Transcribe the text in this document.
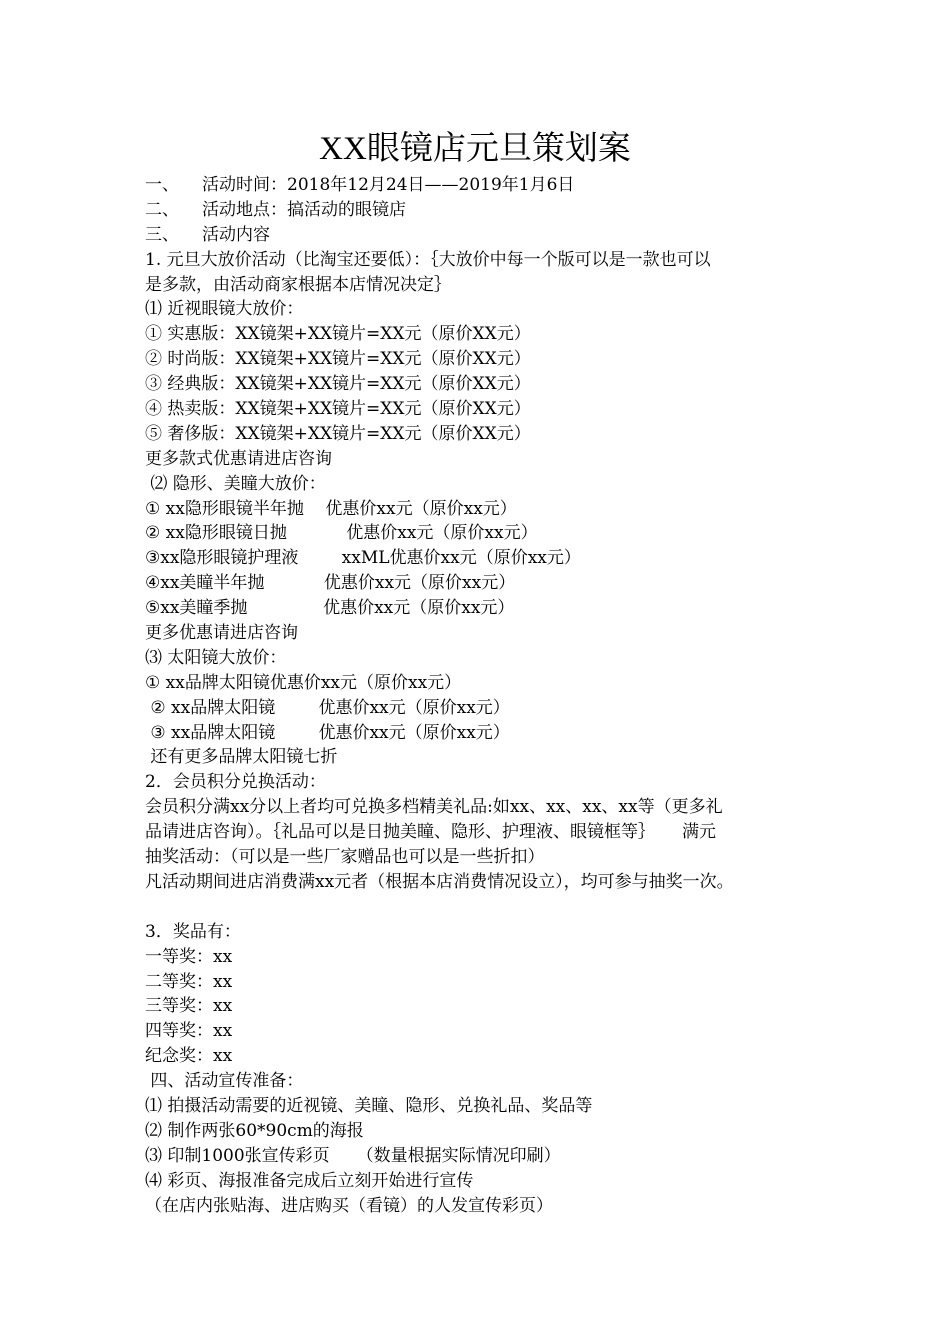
XX眼镜店元旦策划案
一、 活动时间：2018年12月24日——2019年1月6日
二、 活动地点：搞活动的眼镜店
三、 活动内容
1. 元旦大放价活动（比淘宝还要低）：｛大放价中每一个版可以是一款也可以
是多款，由活动商家根据本店情况决定｝
⑴ 近视眼镜大放价：
① 实惠版：XX镜架+XX镜片=XX元（原价XX元）
② 时尚版：XX镜架+XX镜片=XX元（原价XX元）
③ 经典版：XX镜架+XX镜片=XX元（原价XX元）
④ 热卖版：XX镜架+XX镜片=XX元（原价XX元）
⑤ 奢侈版：XX镜架+XX镜片=XX元（原价XX元）
更多款式优惠请进店咨询
⑵ 隐形、美瞳大放价：
① xx隐形眼镜半年抛    优惠价xx元（原价xx元）
② xx隐形眼镜日抛           优惠价xx元（原价xx元）
③xx隐形眼镜护理液        xxML优惠价xx元（原价xx元）
④xx美瞳半年抛           优惠价xx元（原价xx元）
⑤xx美瞳季抛              优惠价xx元（原价xx元）
更多优惠请进店咨询
⑶ 太阳镜大放价：
① xx品牌太阳镜优惠价xx元（原价xx元）
② xx品牌太阳镜        优惠价xx元（原价xx元）
③ xx品牌太阳镜        优惠价xx元（原价xx元）
还有更多品牌太阳镜七折
2．会员积分兑换活动：
会员积分满xx分以上者均可兑换多档精美礼品:如xx、xx、xx、xx等（更多礼
品请进店咨询）。｛礼品可以是日抛美瞳、隐形、护理液、眼镜框等｝     满元
抽奖活动：（可以是一些厂家赠品也可以是一些折扣）
凡活动期间进店消费满xx元者（根据本店消费情况设立），均可参与抽奖一次。
3．奖品有：
一等奖：xx
二等奖：xx
三等奖：xx
四等奖：xx
纪念奖：xx
四、活动宣传准备：
⑴ 拍摄活动需要的近视镜、美瞳、隐形、兑换礼品、奖品等
⑵ 制作两张60*90cm的海报
⑶ 印制1000张宣传彩页     （数量根据实际情况印刷）
⑷ 彩页、海报准备完成后立刻开始进行宣传
（在店内张贴海、进店购买（看镜）的人发宣传彩页）
